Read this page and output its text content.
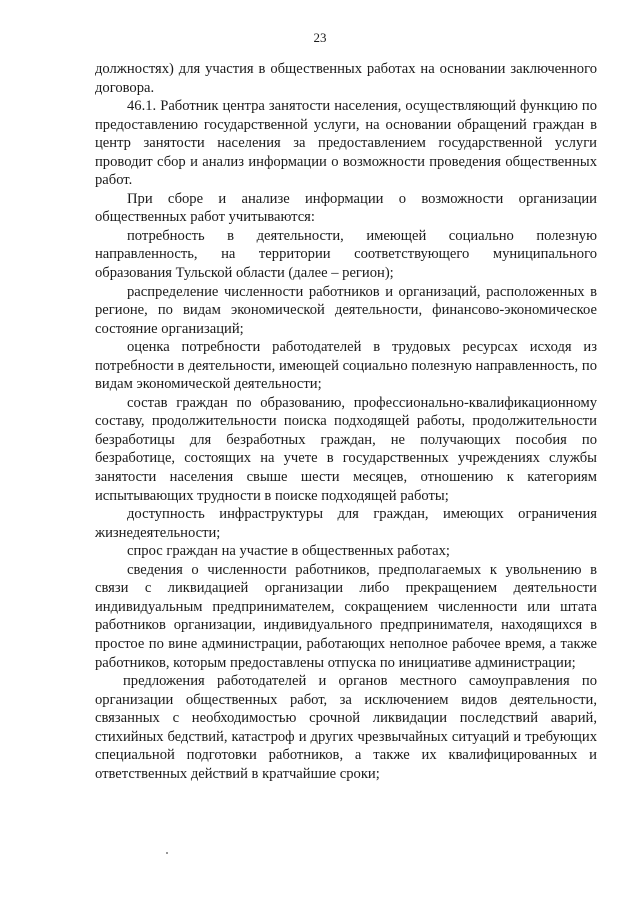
23

должностях) для участия в общественных работах на основании заключенного договора.

46.1. Работник центра занятости населения, осуществляющий функцию по предоставлению государственной услуги, на основании обращений граждан в центр занятости населения за предоставлением государственной услуги проводит сбор и анализ информации о возможности проведения общественных работ.

При сборе и анализе информации о возможности организации общественных работ учитываются:

потребность в деятельности, имеющей социально полезную направленность, на территории соответствующего муниципального образования Тульской области (далее – регион);

распределение численности работников и организаций, расположенных в регионе, по видам экономической деятельности, финансово-экономическое состояние организаций;

оценка потребности работодателей в трудовых ресурсах исходя из потребности в деятельности, имеющей социально полезную направленность, по видам экономической деятельности;

состав граждан по образованию, профессионально-квалификационному составу, продолжительности поиска подходящей работы, продолжительности безработицы для безработных граждан, не получающих пособия по безработице, состоящих на учете в государственных учреждениях службы занятости населения свыше шести месяцев, отношению к категориям испытывающих трудности в поиске подходящей работы;

доступность инфраструктуры для граждан, имеющих ограничения жизнедеятельности;

спрос граждан на участие в общественных работах;

сведения о численности работников, предполагаемых к увольнению в связи с ликвидацией организации либо прекращением деятельности индивидуальным предпринимателем, сокращением численности или штата работников организации, индивидуального предпринимателя, находящихся в простое по вине администрации, работающих неполное рабочее время, а также работников, которым предоставлены отпуска по инициативе администрации;

предложения работодателей и органов местного самоуправления по организации общественных работ, за исключением видов деятельности, связанных с необходимостью срочной ликвидации последствий аварий, стихийных бедствий, катастроф и других чрезвычайных ситуаций и требующих специальной подготовки работников, а также их квалифицированных и ответственных действий в кратчайшие сроки;
